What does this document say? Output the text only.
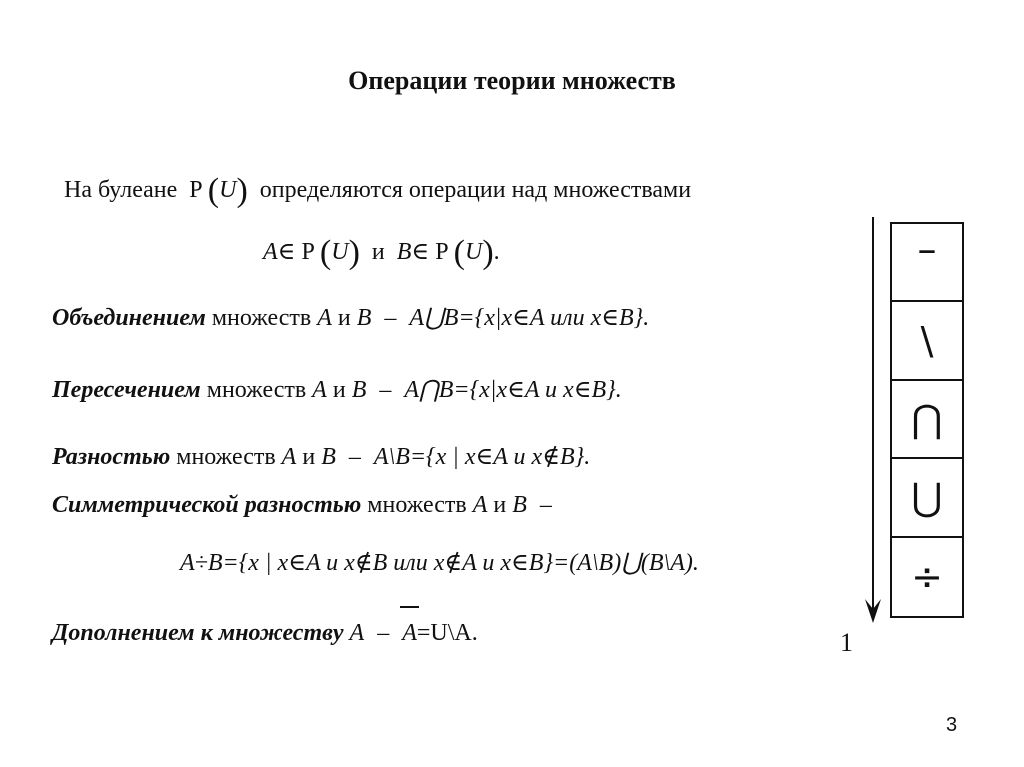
Операции теории множеств
На булеане P (U) определяются операции над множествами
A∈ P (U) и B∈ P (U).
Объединением множеств A и B – A⋃B={x|x∈A или x∈B}.
Пересечением множеств A и B – A⋂B={x|x∈A и x∈B}.
Разностью множеств A и B – A\B={x | x∈A и x∉B}.
Симметрической разностью множеств A и B –
A÷B={x | x∈A и x∉B или x∉A и x∈B}=(A\B)⋃(B\A).
Дополнением к множеству A – A=U\A.
–
\
⋂
⋃
÷
1
3
